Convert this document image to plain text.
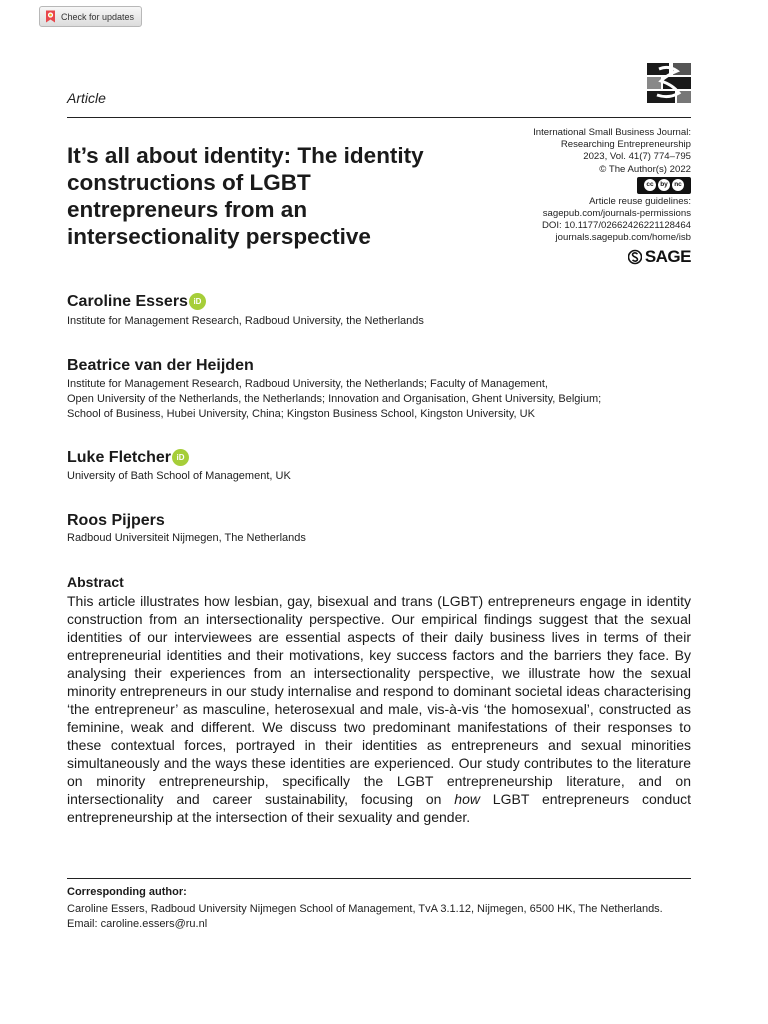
Check for updates
Article
It’s all about identity: The identity constructions of LGBT entrepreneurs from an intersectionality perspective
International Small Business Journal:
Researching Entrepreneurship
2023, Vol. 41(7) 774–795
© The Author(s) 2022
cc	by nc
Article reuse guidelines:
sagepub.com/journals-permissions
DOI: 10.1177/02662426221128464
journals.sagepub.com/home/isb
SAGE
Caroline Essers iD
Institute for Management Research, Radboud University, the Netherlands
Beatrice van der Heijden
Institute for Management Research, Radboud University, the Netherlands; Faculty of Management,
Open University of the Netherlands, the Netherlands; Innovation and Organisation, Ghent University, Belgium;
School of Business, Hubei University, China; Kingston Business School, Kingston University, UK
Luke Fletcher iD
University of Bath School of Management, UK
Roos Pijpers
Radboud Universiteit Nijmegen, The Netherlands
Abstract

This article illustrates how lesbian, gay, bisexual and trans (LGBT) entrepreneurs engage in identity construction from an intersectionality perspective. Our empirical findings suggest that the sexual identities of our interviewees are essential aspects of their daily business lives in terms of their entrepreneurial identities and their motivations, key success factors and the barriers they face. By analysing their experiences from an intersectionality perspective, we illustrate how the sexual minority entrepreneurs in our study internalise and respond to dominant societal ideas characterising ‘the entrepreneur’ as masculine, heterosexual and male, vis-à-vis ‘the homosexual’, constructed as feminine, weak and different. We discuss two predominant manifestations of their responses to these contextual forces, portrayed in their identities as entrepreneurs and sexual minorities simultaneously and the ways these identities are experienced. Our study contributes to the literature on minority entrepreneurship, specifically the LGBT entrepreneurship literature, and on intersectionality and career sustainability, focusing on how LGBT entrepreneurs conduct entrepreneurship at the intersection of their sexuality and gender.

Corresponding author:
Caroline Essers, Radboud University Nijmegen School of Management, TvA 3.1.12, Nijmegen, 6500 HK, The Netherlands.
Email: caroline.essers@ru.nl
